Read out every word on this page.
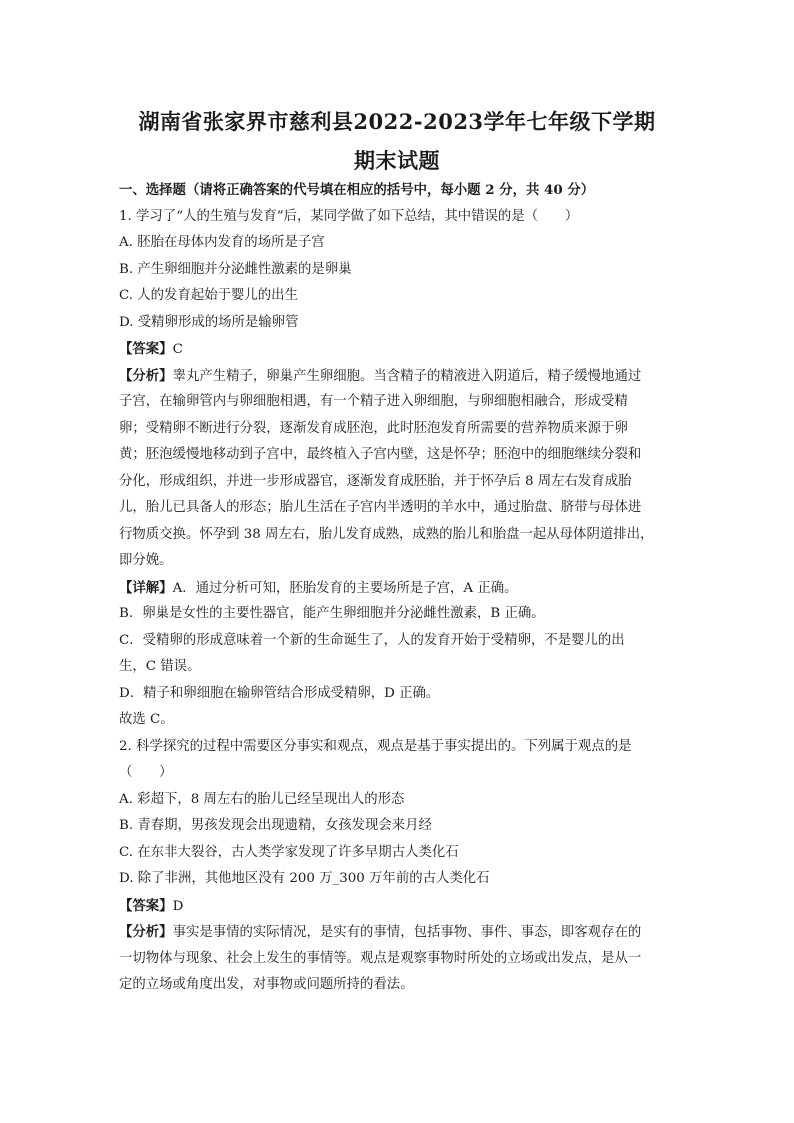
湖南省张家界市慈利县2022-2023学年七年级下学期
期末试题
一、选择题（请将正确答案的代号填在相应的括号中，每小题 2 分，共 40 分）
1. 学习了“人的生殖与发育”后，某同学做了如下总结，其中错误的是（　　）
A. 胚胎在母体内发育的场所是子宫
B. 产生卵细胞并分泌雌性激素的是卵巢
C. 人的发育起始于婴儿的出生
D. 受精卵形成的场所是输卵管
【答案】C
【分析】睾丸产生精子，卵巢产生卵细胞。当含精子的精液进入阴道后，精子缓慢地通过
子宫，在输卵管内与卵细胞相遇，有一个精子进入卵细胞，与卵细胞相融合，形成受精
卵；受精卵不断进行分裂，逐渐发育成胚泡，此时胚泡发育所需要的营养物质来源于卵
黄；胚泡缓慢地移动到子宫中，最终植入子宫内壁，这是怀孕；胚泡中的细胞继续分裂和
分化，形成组织，并进一步形成器官，逐渐发育成胚胎，并于怀孕后 8 周左右发育成胎
儿，胎儿已具备人的形态；胎儿生活在子宫内半透明的羊水中，通过胎盘、脐带与母体进
行物质交换。怀孕到 38 周左右，胎儿发育成熟，成熟的胎儿和胎盘一起从母体阴道排出，
即分娩。
【详解】A．通过分析可知，胚胎发育的主要场所是子宫，A 正确。
B．卵巢是女性的主要性器官，能产生卵细胞并分泌雌性激素，B 正确。
C．受精卵的形成意味着一个新的生命诞生了，人的发育开始于受精卵，不是婴儿的出
生，C 错误。
D．精子和卵细胞在输卵管结合形成受精卵，D 正确。
故选 C。
2. 科学探究的过程中需要区分事实和观点，观点是基于事实提出的。下列属于观点的是
（　　）
A. 彩超下，8 周左右的胎儿已经呈现出人的形态
B. 青春期，男孩发现会出现遗精，女孩发现会来月经
C. 在东非大裂谷，古人类学家发现了许多早期古人类化石
D. 除了非洲，其他地区没有 200 万_300 万年前的古人类化石
【答案】D
【分析】事实是事情的实际情况，是实有的事情，包括事物、事件、事态，即客观存在的
一切物体与现象、社会上发生的事情等。观点是观察事物时所处的立场或出发点，是从一
定的立场或角度出发，对事物或问题所持的看法。
